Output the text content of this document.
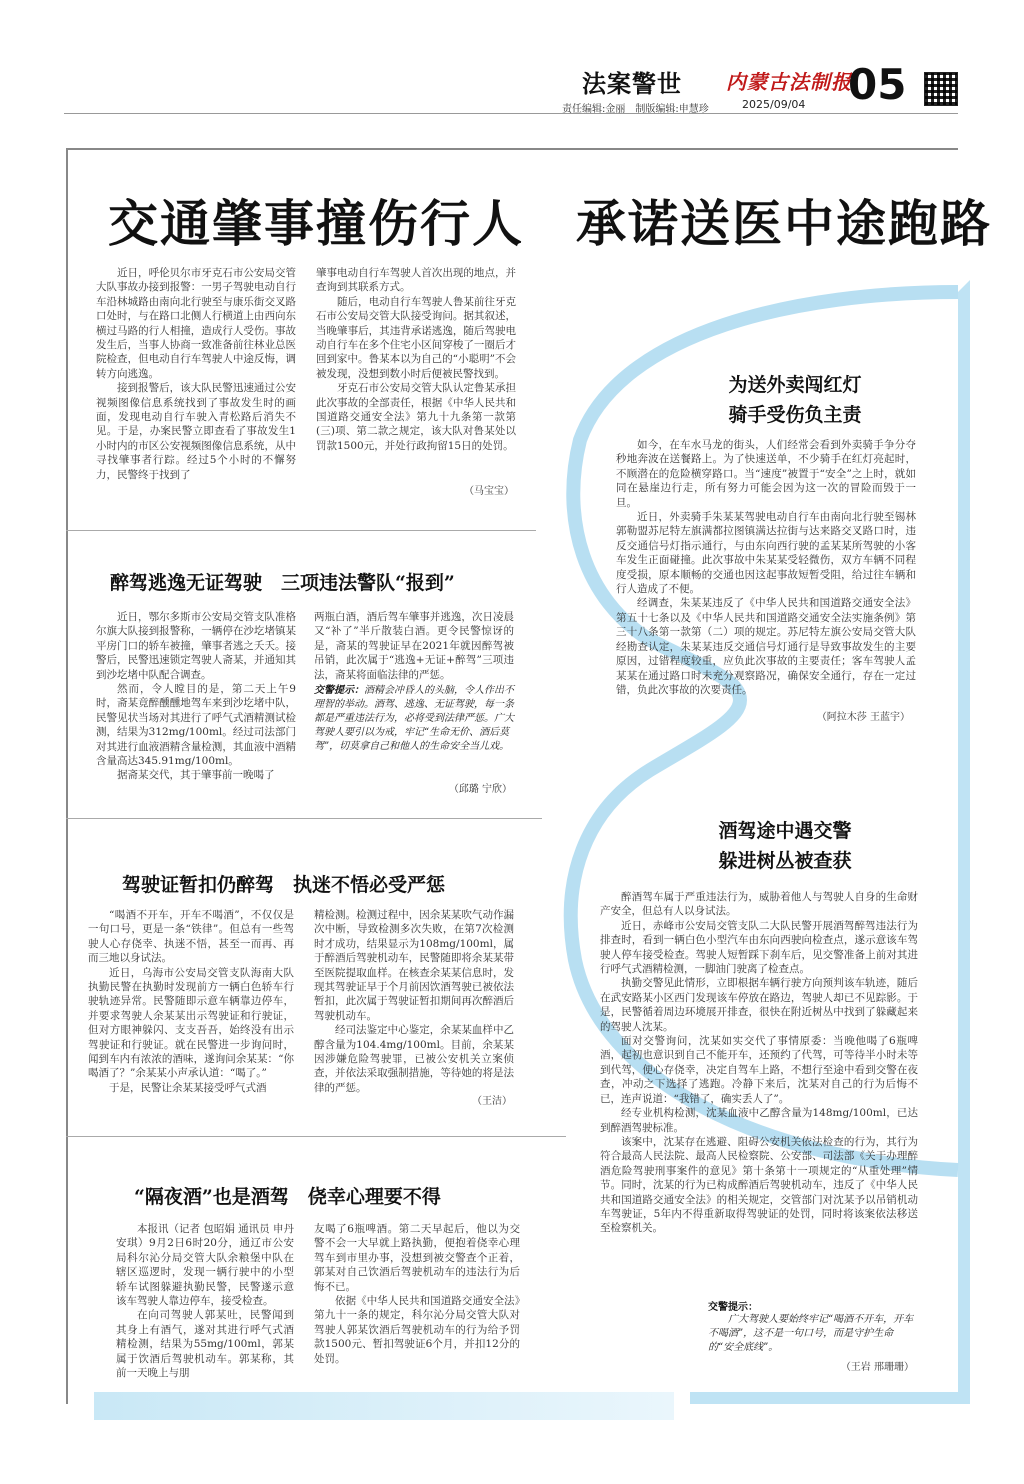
法案警世 内蒙古法制报
05
责任编辑:金丽　制版编辑:申慧珍	2025/09/04
交通肇事撞伤行人　承诺送医中途跑路

近日，呼伦贝尔市牙克石市公安局交管大队事故办接到报警：一男子驾驶电动自行车沿林城路由南向北行驶至与康乐街交叉路口处时，与在路口北侧人行横道上由西向东横过马路的行人相撞，造成行人受伤。事故发生后，当事人协商一致准备前往林业总医院检查，但电动自行车驾驶人中途反悔，调转方向逃逸。

接到报警后，该大队民警迅速通过公安视频图像信息系统找到了事故发生时的画面，发现电动自行车驶入青松路后消失不见。于是，办案民警立即查看了事故发生1小时内的市区公安视频图像信息系统，从中寻找肇事者行踪。经过5个小时的不懈努力，民警终于找到了

肇事电动自行车驾驶人首次出现的地点，并查询到其联系方式。

随后，电动自行车驾驶人鲁某前往牙克石市公安局交管大队接受询问。据其叙述，当晚肇事后，其违背承诺逃逸，随后驾驶电动自行车在多个住宅小区间穿梭了一圈后才回到家中。鲁某本以为自己的“小聪明”不会被发现，没想到数小时后便被民警找到。

牙克石市公安局交管大队认定鲁某承担此次事故的全部责任，根据《中华人民共和国道路交通安全法》第九十九条第一款第(三)项、第二款之规定，该大队对鲁某处以罚款1500元，并处行政拘留15日的处罚。

（马宝宝）
醉驾逃逸无证驾驶　三项违法警队“报到”

近日，鄂尔多斯市公安局交管支队准格尔旗大队接到报警称，一辆停在沙圪堵镇某平房门口的轿车被撞，肇事者逃之夭夭。接警后，民警迅速锁定驾驶人斋某，并通知其到沙圪堵中队配合调查。

然而，令人瞠目的是，第二天上午9时，斋某竟醉醺醺地驾车来到沙圪堵中队，民警见状当场对其进行了呼气式酒精测试检测，结果为312mg/100ml。经过司法部门对其进行血液酒精含量检测，其血液中酒精含量高达345.91mg/100ml。

据斋某交代，其于肇事前一晚喝了

两瓶白酒，酒后驾车肇事并逃逸，次日凌晨又“补了”半斤散装白酒。更令民警惊讶的是，斋某的驾驶证早在2021年就因醉驾被吊销，此次属于“逃逸+无证+醉驾”三项违法，斋某将面临法律的严惩。

交警提示：酒精会冲昏人的头脑，令人作出不理智的举动。酒驾、逃逸、无证驾驶，每一条都是严重违法行为，必将受到法律严惩。广大驾驶人要引以为戒，牢记“生命无价、酒后莫驾”，切莫拿自己和他人的生命安全当儿戏。
（邱璐 宁欣）
驾驶证暂扣仍醉驾　执迷不悟必受严惩

“喝酒不开车，开车不喝酒”，不仅仅是一句口号，更是一条“铁律”。但总有一些驾驶人心存侥幸、执迷不悟，甚至一而再、再而三地以身试法。

近日，乌海市公安局交管支队海南大队执勤民警在执勤时发现前方一辆白色轿车行驶轨迹异常。民警随即示意车辆靠边停车，并要求驾驶人余某某出示驾驶证和行驶证，但对方眼神躲闪、支支吾吾，始终没有出示驾驶证和行驶证。就在民警进一步询问时，闻到车内有浓浓的酒味，遂询问余某某：“你喝酒了？”余某某小声承认道：“喝了。”

于是，民警让余某某接受呼气式酒

精检测。检测过程中，因余某某吹气动作漏次中断，导致检测多次失败，在第7次检测时才成功，结果显示为108mg/100ml，属于醉酒后驾驶机动车，民警随即将余某某带至医院提取血样。在核查余某某信息时，发现其驾驶证早于个月前因饮酒驾驶已被依法暂扣，此次属于驾驶证暂扣期间再次醉酒后驾驶机动车。

经司法鉴定中心鉴定，余某某血样中乙醇含量为104.4mg/100ml。目前，余某某因涉嫌危险驾驶罪，已被公安机关立案侦查，并依法采取强制措施，等待她的将是法律的严惩。

（王洁）
“隔夜酒”也是酒驾　侥幸心理要不得

本报讯（记者 包昭娟 通讯员 申丹安琪）9月2日6时20分，通辽市公安局科尔沁分局交管大队余粮堡中队在辖区巡逻时，发现一辆行驶中的小型轿车试图躲避执勤民警，民警遂示意该车驾驶人靠边停车，接受检查。

在向司驾驶人郭某吐，民警闻到其身上有酒气，遂对其进行呼气式酒精检测，结果为55mg/100ml，郭某属于饮酒后驾驶机动车。郭某称，其前一天晚上与朋

友喝了6瓶啤酒。第二天早起后，他以为交警不会一大早就上路执勤，便抱着侥幸心理驾车到市里办事，没想到被交警查个正着，郭某对自己饮酒后驾驶机动车的违法行为后悔不已。

依据《中华人民共和国道路交通安全法》第九十一条的规定，科尔沁分局交管大队对驾驶人郭某饮酒后驾驶机动车的行为给予罚款1500元、暂扣驾驶证6个月，并扣12分的处罚。

为送外卖闯红灯
骑手受伤负主责

如今，在车水马龙的街头，人们经常会看到外卖骑手争分夺秒地奔波在送餐路上。为了快速送单，不少骑手在红灯亮起时，不顾潜在的危险横穿路口。当“速度”被置于“安全”之上时，就如同在悬崖边行走，所有努力可能会因为这一次的冒险而毁于一旦。

近日，外卖骑手朱某某驾驶电动自行车由南向北行驶至锡林郭勒盟苏尼特左旗满都拉图镇满达拉街与达来路交叉路口时，违反交通信号灯指示通行，与由东向西行驶的孟某某所驾驶的小客车发生正面碰撞。此次事故中朱某某受轻微伤，双方车辆不同程度受损，原本顺畅的交通也因这起事故短暂受阻，给过往车辆和行人造成了不便。

经调查，朱某某违反了《中华人民共和国道路交通安全法》第五十七条以及《中华人民共和国道路交通安全法实施条例》第三十八条第一款第（二）项的规定。苏尼特左旗公安局交管大队经勘查认定，朱某某违反交通信号灯通行是导致事故发生的主要原因，过错程度较重，应负此次事故的主要责任；客车驾驶人孟某某在通过路口时未充分观察路况，确保安全通行，存在一定过错，负此次事故的次要责任。

（阿拉木莎 王蓝宇）
酒驾途中遇交警
躲进树丛被查获

醉酒驾车属于严重违法行为，威胁着他人与驾驶人自身的生命财产安全，但总有人以身试法。

近日，赤峰市公安局交管支队二大队民警开展酒驾醉驾违法行为排查时，看到一辆白色小型汽车由东向西驶向检查点，遂示意该车驾驶人停车接受检查。驾驶人短暂踩下刹车后，见交警准备上前对其进行呼气式酒精检测，一脚油门驶离了检查点。

执勤交警见此情形，立即根据车辆行驶方向预判该车轨迹，随后在武安路某小区西门发现该车停放在路边，驾驶人却已不见踪影。于是，民警循着周边环境展开排查，很快在附近树丛中找到了躲藏起来的驾驶人沈某。

面对交警询问，沈某如实交代了事情原委：当晚他喝了6瓶啤酒，起初也意识到自己不能开车，还预约了代驾，可等待半小时未等到代驾，便心存侥幸，决定自驾车上路，不想行至途中看到交警在夜查，冲动之下选择了逃跑。冷静下来后，沈某对自己的行为后悔不已，连声说道：“我错了，确实丢人了”。

经专业机构检测，沈某血液中乙醇含量为148mg/100ml，已达到醉酒驾驶标准。

该案中，沈某存在逃避、阻碍公安机关依法检查的行为，其行为符合最高人民法院、最高人民检察院、公安部、司法部《关于办理醉酒危险驾驶刑事案件的意见》第十条第十一项规定的“从重处理”情节。同时，沈某的行为已构成醉酒后驾驶机动车，违反了《中华人民共和国道路交通安全法》的相关规定，交管部门对沈某予以吊销机动车驾驶证，5年内不得重新取得驾驶证的处罚，同时将该案依法移送至检察机关。

交警提示：
广大驾驶人要始终牢记“喝酒不开车，开车不喝酒”，这不是一句口号，而是守护生命的“安全底线”。
（王岩 邢珊珊）
